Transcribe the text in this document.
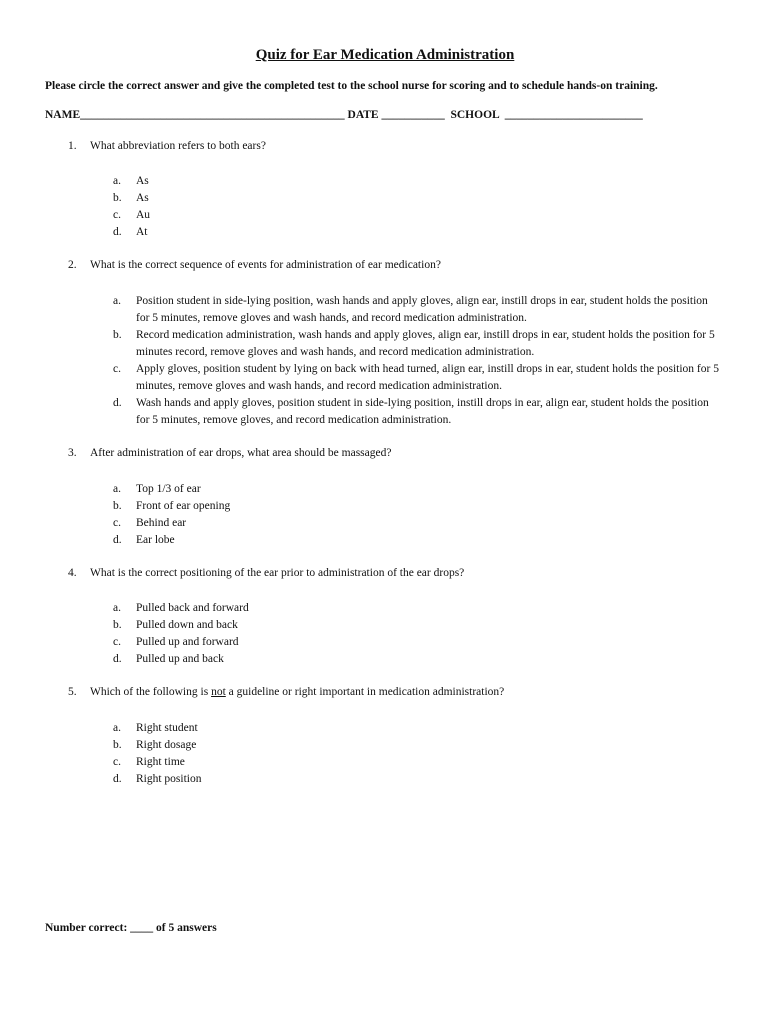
Quiz for Ear Medication Administration
Please circle the correct answer and give the completed test to the school nurse for scoring and to schedule hands-on training.
NAME______________________________________________ DATE ___________  SCHOOL  ________________________
1. What abbreviation refers to both ears?
a. As
b. As
c. Au
d. At
2. What is the correct sequence of events for administration of ear medication?
a. Position student in side-lying position, wash hands and apply gloves, align ear, instill drops in ear, student holds the position for 5 minutes, remove gloves and wash hands, and record medication administration.
b. Record medication administration, wash hands and apply gloves, align ear, instill drops in ear, student holds the position for 5 minutes record, remove gloves and wash hands, and record medication administration.
c. Apply gloves, position student by lying on back with head turned, align ear, instill drops in ear, student holds the position for 5 minutes, remove gloves and wash hands, and record medication administration.
d. Wash hands and apply gloves, position student in side-lying position, instill drops in ear, align ear, student holds the position for 5 minutes, remove gloves, and record medication administration.
3. After administration of ear drops, what area should be massaged?
a. Top 1/3 of ear
b. Front of ear opening
c. Behind ear
d. Ear lobe
4. What is the correct positioning of the ear prior to administration of the ear drops?
a. Pulled back and forward
b. Pulled down and back
c. Pulled up and forward
d. Pulled up and back
5. Which of the following is not a guideline or right important in medication administration?
a. Right student
b. Right dosage
c. Right time
d. Right position
Number correct: ____ of 5 answers
